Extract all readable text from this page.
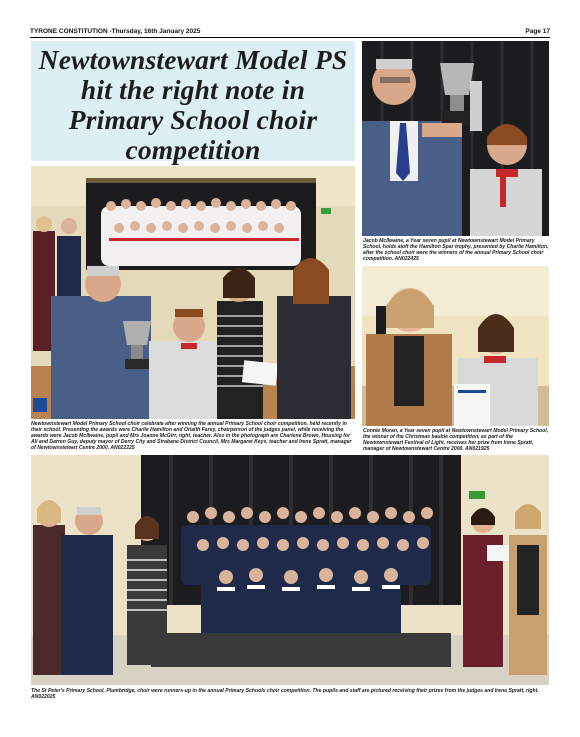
TYRONE CONSTITUTION -Thursday, 16th January 2025	Page 17
Newtownstewart Model PS hit the right note in Primary School choir competition
Jacob McIlwaine, a Year seven pupil at Newtownstewart Model Primary School, holds aloft the Hamilton Spar trophy, presented by Charlie Hamilton, after the school choir were the winners of the annual Primary School choir competition. AN022425
Connie Moran, a Year seven pupil at Newtownstewart Model Primary School, the winner of the Christmas bauble competition, as part of the Newtownstewart Festival of Light, receives her prize from Irene Spratt, manager of Newtownstewart Centre 2000. AN021925
Newtownstewart Model Primary School choir celebrate after winning the annual Primary School choir competition, held recently in their school. Presenting the awards were Charlie Hamilton and Orlaith Farey, chairperson of the judges panel, while receiving the awards were Jacob McIlwaine, pupil and Mrs Joanne McGirr, right, teacher. Also in the photograph are Charlene Brown, Housing for All and Darren Guy, deputy mayor of Derry City and Strabane District Council, Mrs Margaret Keys, teacher and Irene Spratt, manager of Newtownstewart Centre 2000. AN022225
The St Peter's Primary School, Plumbridge, choir were runners-up in the annual Primary Schools choir competition. The pupils and staff are pictured receiving their prizes from the judges and Irene Spratt, right. AN022025
